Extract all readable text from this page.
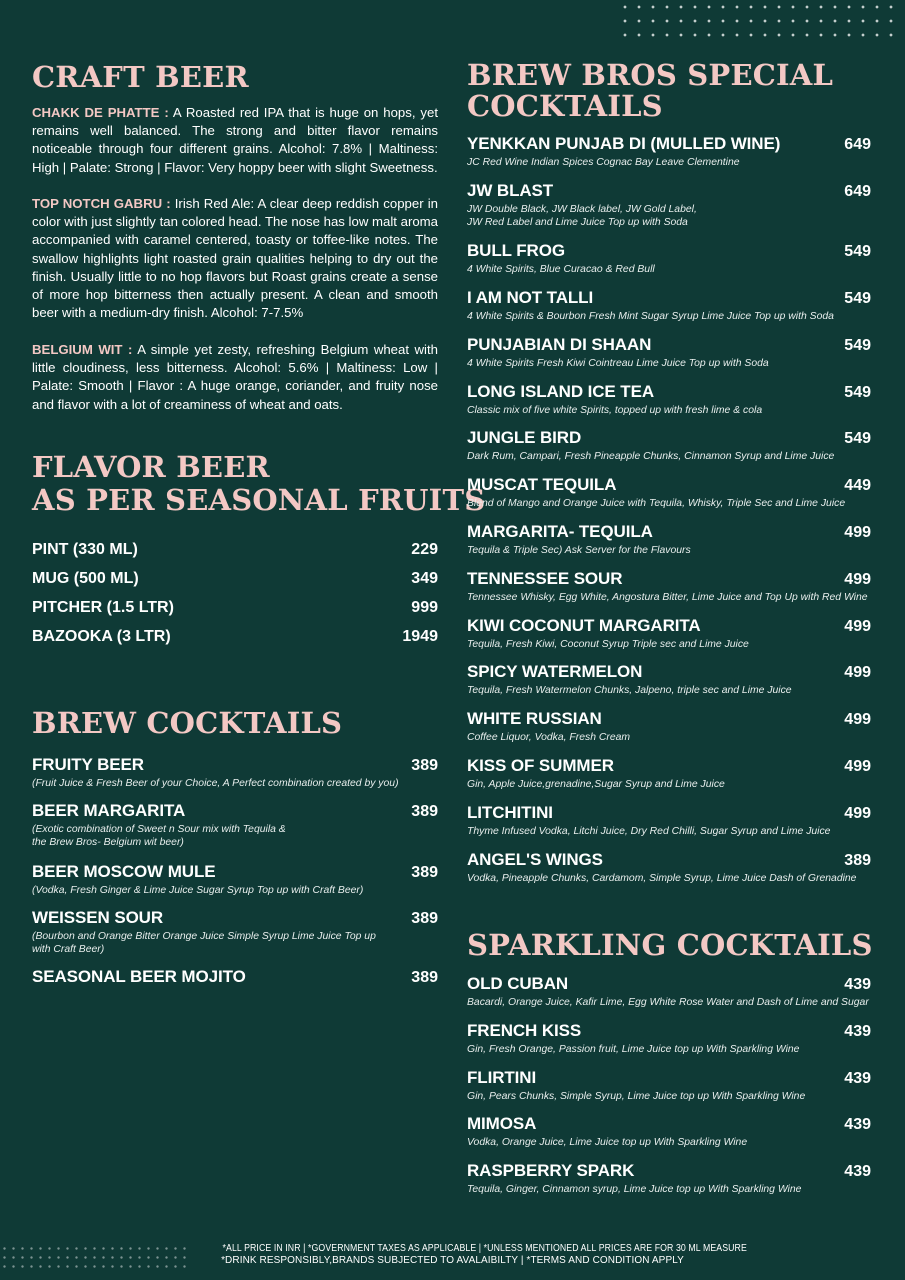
CRAFT BEER
CHAKK DE PHATTE : A Roasted red IPA that is huge on hops, yet remains well balanced. The strong and bitter flavor remains noticeable through four different grains. Alcohol: 7.8% | Maltiness: High | Palate: Strong | Flavor: Very hoppy beer with slight Sweetness.
TOP NOTCH GABRU : Irish Red Ale: A clear deep reddish copper in color with just slightly tan colored head. The nose has low malt aroma accompanied with caramel centered, toasty or toffee-like notes. The swallow highlights light roasted grain qualities helping to dry out the finish. Usually little to no hop flavors but Roast grains create a sense of more hop bitterness then actually present. A clean and smooth beer with a medium-dry finish. Alcohol: 7-7.5%
BELGIUM WIT : A simple yet zesty, refreshing Belgium wheat with little cloudiness, less bitterness. Alcohol: 5.6% | Maltiness: Low | Palate: Smooth | Flavor : A huge orange, coriander, and fruity nose and flavor with a lot of creaminess of wheat and oats.
FLAVOR BEER
AS PER SEASONAL FRUITS
PINT (330 ML)	229
MUG (500 ML)	349
PITCHER (1.5 LTR)	999
BAZOOKA (3 LTR)	1949
BREW COCKTAILS
FRUITY BEER	389
(Fruit Juice & Fresh Beer of your Choice, A Perfect combination created by you)
BEER MARGARITA	389
(Exotic combination of Sweet n Sour mix with Tequila &
the Brew Bros- Belgium wit beer)
BEER MOSCOW MULE	389
(Vodka, Fresh Ginger & Lime Juice Sugar Syrup Top up with Craft Beer)
WEISSEN SOUR	389
(Bourbon and Orange Bitter Orange Juice Simple Syrup Lime Juice Top up
with Craft Beer)
SEASONAL BEER MOJITO	389
BREW BROS SPECIAL
COCKTAILS
YENKKAN PUNJAB DI (MULLED WINE)	649
JC Red Wine Indian Spices Cognac Bay Leave Clementine
JW BLAST	649
JW Double Black, JW Black label, JW Gold Label,
JW Red Label and Lime Juice Top up with Soda
BULL FROG	549
4 White Spirits, Blue Curacao & Red Bull
I AM NOT TALLI	549
4 White Spirits & Bourbon Fresh Mint Sugar Syrup Lime Juice Top up with Soda
PUNJABIAN DI SHAAN	549
4 White Spirits Fresh Kiwi Cointreau Lime Juice Top up with Soda
LONG ISLAND ICE TEA	549
Classic mix of five white Spirits, topped up with fresh lime & cola
JUNGLE BIRD	549
Dark Rum, Campari, Fresh Pineapple Chunks, Cinnamon Syrup and Lime Juice
MUSCAT TEQUILA	449
Blend of Mango and Orange Juice with Tequila, Whisky, Triple Sec and Lime Juice
MARGARITA- TEQUILA	499
Tequila & Triple Sec) Ask Server for the Flavours
TENNESSEE SOUR	499
Tennessee Whisky, Egg White, Angostura Bitter, Lime Juice and Top Up with Red Wine
KIWI COCONUT MARGARITA	499
Tequila, Fresh Kiwi, Coconut Syrup Triple sec and Lime Juice
SPICY WATERMELON	499
Tequila, Fresh Watermelon Chunks, Jalpeno, triple sec and Lime Juice
WHITE RUSSIAN	499
Coffee Liquor, Vodka, Fresh Cream
KISS OF SUMMER	499
Gin, Apple Juice,grenadine,Sugar Syrup and Lime Juice
LITCHITINI	499
Thyme Infused Vodka, Litchi Juice, Dry Red Chilli, Sugar Syrup and Lime Juice
ANGEL'S WINGS	389
Vodka, Pineapple Chunks, Cardamom, Simple Syrup, Lime Juice Dash of Grenadine
SPARKLING COCKTAILS
OLD CUBAN	439
Bacardi, Orange Juice, Kafir Lime, Egg White Rose Water and Dash of Lime and Sugar
FRENCH KISS	439
Gin, Fresh Orange, Passion fruit, Lime Juice top up With Sparkling Wine
FLIRTINI	439
Gin, Pears Chunks, Simple Syrup, Lime Juice top up With Sparkling Wine
MIMOSA	439
Vodka, Orange Juice, Lime Juice top up With Sparkling Wine
RASPBERRY SPARK	439
Tequila, Ginger, Cinnamon syrup, Lime Juice top up With Sparkling Wine
*ALL PRICE IN INR | *GOVERNMENT TAXES AS APPLICABLE | *UNLESS MENTIONED ALL PRICES ARE FOR 30 ML MEASURE
*DRINK RESPONSIBLY,BRANDS SUBJECTED TO AVALAIBILTY | *TERMS AND CONDITION APPLY
